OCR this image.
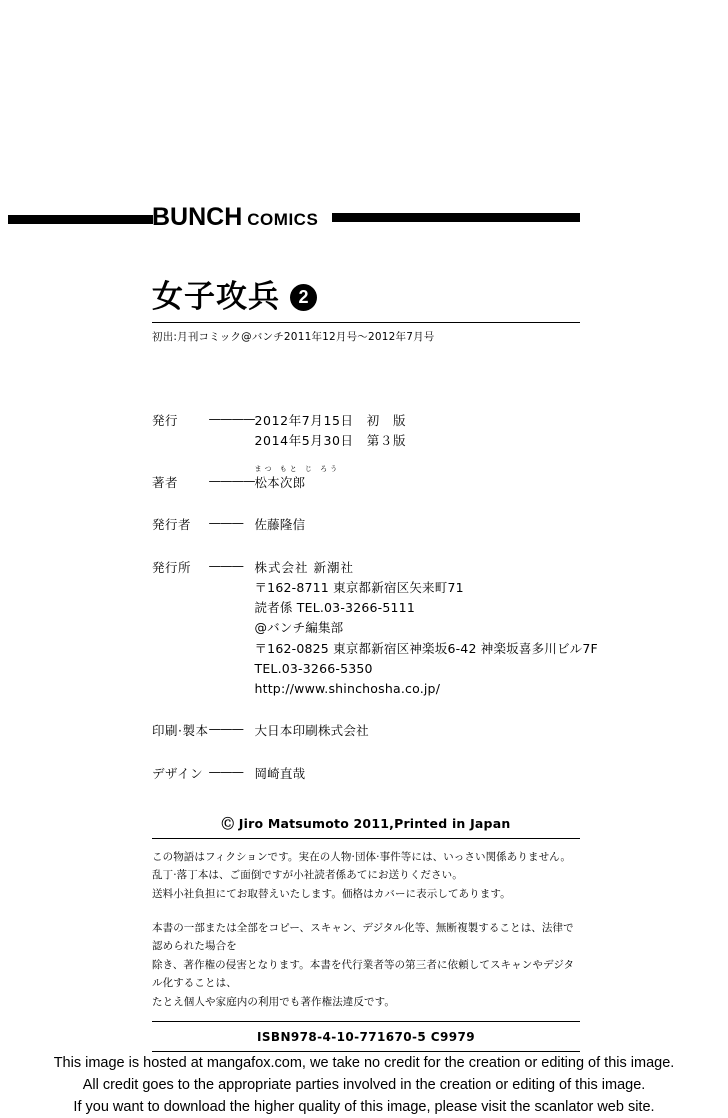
BUNCH COMICS
女子攻兵	2
初出:月刊コミック@バンチ2011年12月号〜2012年7月号
発行	————	2012年7月15日　初　版
2014年5月30日　第３版

著者	————	まつ もと じ ろう
松本次郎

発行者	———	佐藤隆信

発行所	———	株式会社 新潮社
〒162-8711 東京都新宿区矢来町71
読者係 TEL.03-3266-5111
@バンチ編集部
〒162-0825 東京都新宿区神楽坂6-42 神楽坂喜多川ビル7F
TEL.03-3266-5350
http://www.shinchosha.co.jp/

印刷·製本	———	大日本印刷株式会社

デザイン	———	岡崎直哉
Ⓒ Jiro Matsumoto 2011,Printed in Japan

この物語はフィクションです。実在の人物·団体·事件等には、いっさい関係ありません。

乱丁·落丁本は、ご面倒ですが小社読者係あてにお送りください。

送料小社負担にてお取替えいたします。価格はカバーに表示してあります。

本書の一部または全部をコピー、スキャン、デジタル化等、無断複製することは、法律で認められた場合を

除き、著作権の侵害となります。本書を代行業者等の第三者に依頼してスキャンやデジタル化することは、

たとえ個人や家庭内の利用でも著作権法違反です。

ISBN978-4-10-771670-5 C9979

This image is hosted at mangafox.com, we take no credit for the creation or editing of this image.

All credit goes to the appropriate parties involved in the creation or editing of this image.

If you want to download the higher quality of this image, please visit the scanlator web site.
